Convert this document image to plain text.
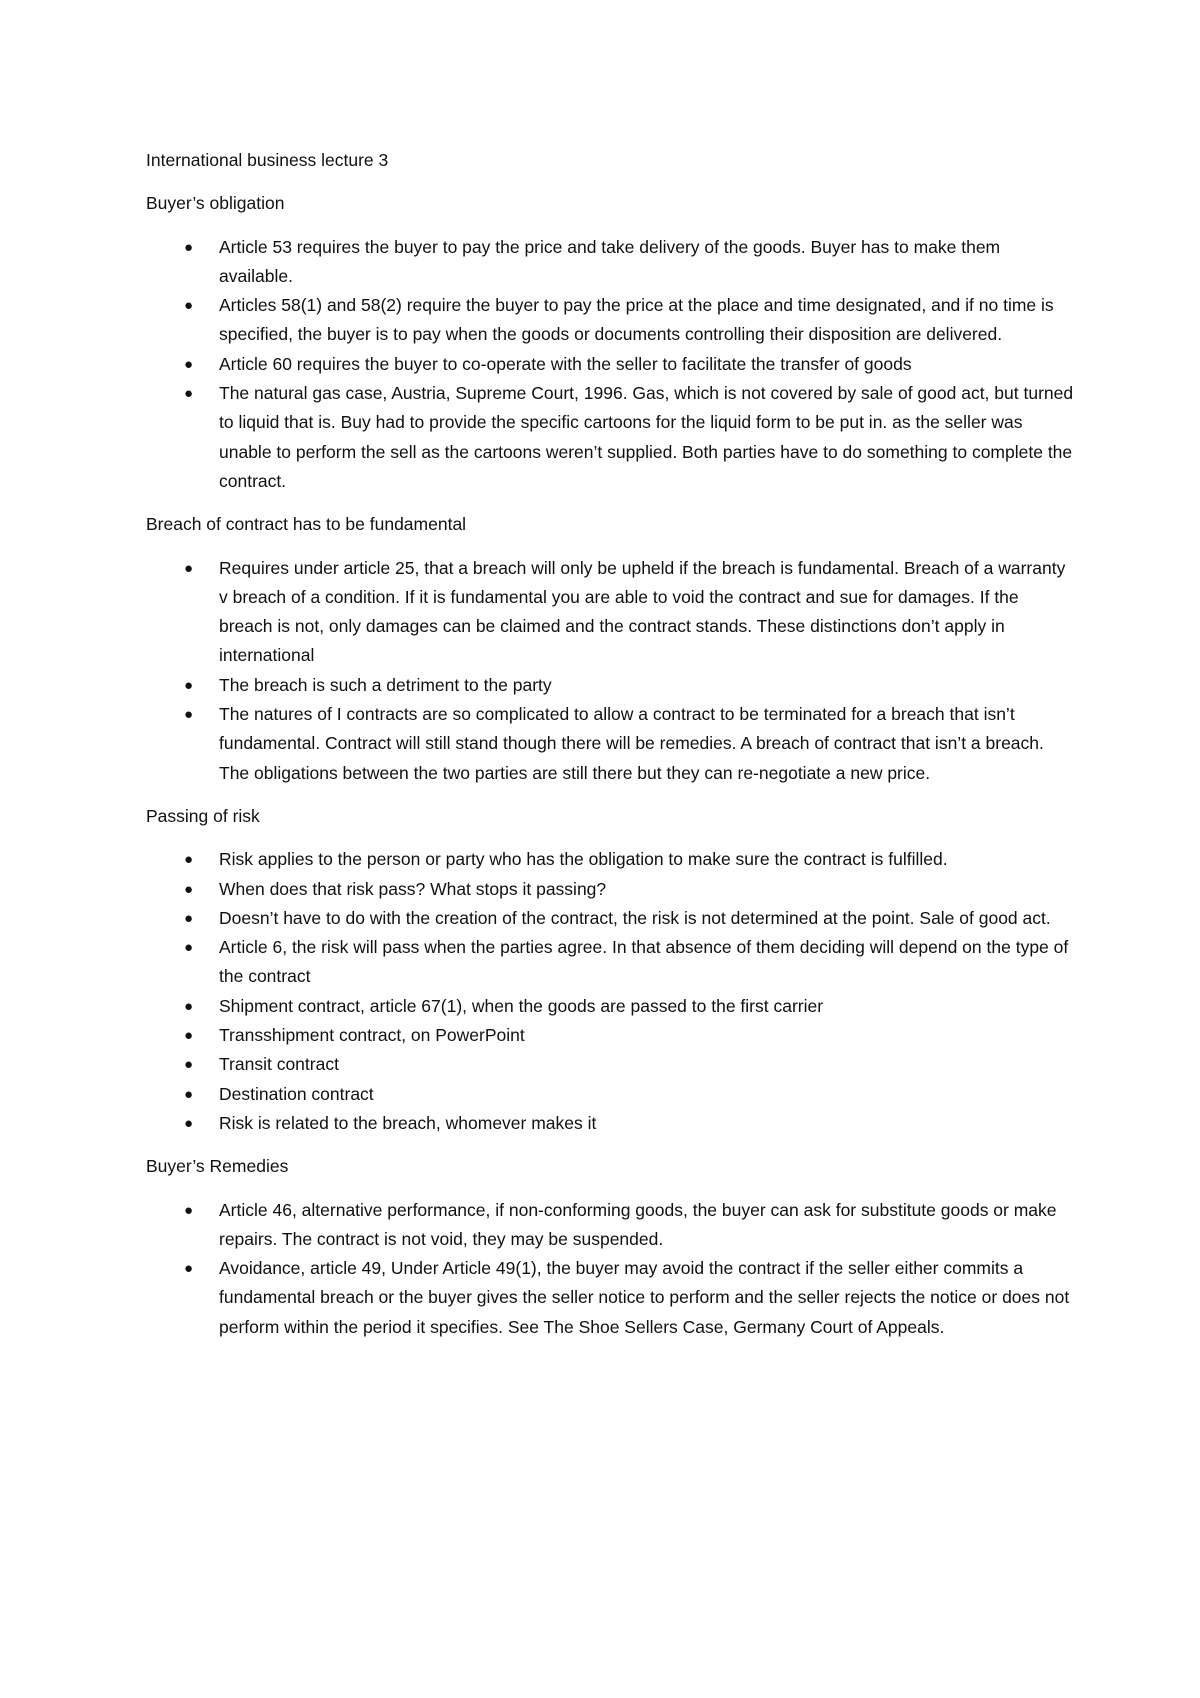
International business lecture 3
Buyer’s obligation
● Article 53 requires the buyer to pay the price and take delivery of the goods. Buyer has to make them available.
● Articles 58(1) and 58(2) require the buyer to pay the price at the place and time designated, and if no time is specified, the buyer is to pay when the goods or documents controlling their disposition are delivered.
● Article 60 requires the buyer to co-operate with the seller to facilitate the transfer of goods
● The natural gas case, Austria, Supreme Court, 1996. Gas, which is not covered by sale of good act, but turned to liquid that is. Buy had to provide the specific cartoons for the liquid form to be put in. as the seller was unable to perform the sell as the cartoons weren’t supplied. Both parties have to do something to complete the contract.
Breach of contract has to be fundamental
● Requires under article 25, that a breach will only be upheld if the breach is fundamental. Breach of a warranty v breach of a condition. If it is fundamental you are able to void the contract and sue for damages. If the breach is not, only damages can be claimed and the contract stands. These distinctions don’t apply in international
● The breach is such a detriment to the party
● The natures of I contracts are so complicated to allow a contract to be terminated for a breach that isn’t fundamental. Contract will still stand though there will be remedies. A breach of contract that isn’t a breach. The obligations between the two parties are still there but they can re-negotiate a new price.
Passing of risk
● Risk applies to the person or party who has the obligation to make sure the contract is fulfilled.
● When does that risk pass? What stops it passing?
● Doesn’t have to do with the creation of the contract, the risk is not determined at the point. Sale of good act.
● Article 6, the risk will pass when the parties agree. In that absence of them deciding will depend on the type of the contract
● Shipment contract, article 67(1), when the goods are passed to the first carrier
● Transshipment contract, on PowerPoint
● Transit contract
● Destination contract
● Risk is related to the breach, whomever makes it
Buyer’s Remedies
● Article 46, alternative performance, if non-conforming goods, the buyer can ask for substitute goods or make repairs. The contract is not void, they may be suspended.
● Avoidance, article 49, Under Article 49(1), the buyer may avoid the contract if the seller either commits a fundamental breach or the buyer gives the seller notice to perform and the seller rejects the notice or does not perform within the period it specifies. See The Shoe Sellers Case, Germany Court of Appeals.
